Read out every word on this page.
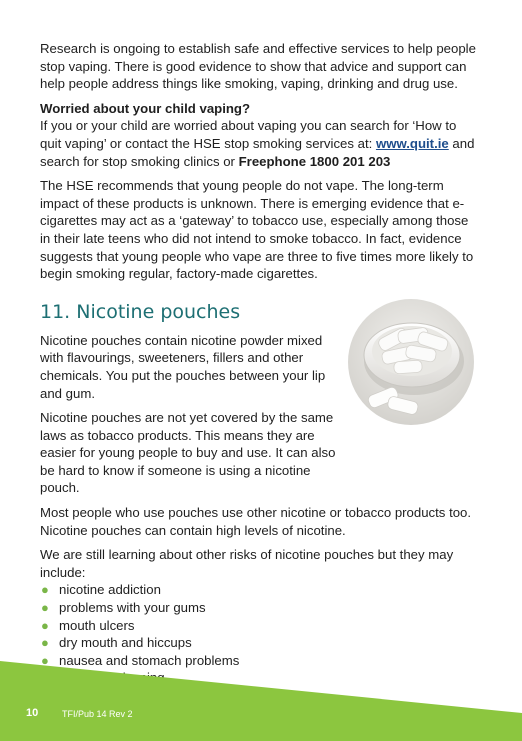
Research is ongoing to establish safe and effective services to help people stop vaping. There is good evidence to show that advice and support can help people address things like smoking, vaping, drinking and drug use.

Worried about your child vaping?

If you or your child are worried about vaping you can search for ‘How to quit vaping’ or contact the HSE stop smoking services at: www.quit.ie and search for stop smoking clinics or Freephone 1800 201 203

The HSE recommends that young people do not vape. The long-term impact of these products is unknown. There is emerging evidence that e-cigarettes may act as a ‘gateway’ to tobacco use, especially among those in their late teens who did not intend to smoke tobacco. In fact, evidence suggests that young people who vape are three to five times more likely to begin smoking regular, factory-made cigarettes.

11. Nicotine pouches

Nicotine pouches contain nicotine powder mixed with flavourings, sweeteners, fillers and other chemicals. You put the pouches between your lip and gum.

Nicotine pouches are not yet covered by the same laws as tobacco products. This means they are easier for young people to buy and use. It can also be hard to know if someone is using a nicotine pouch.

Most people who use pouches use other nicotine or tobacco products too. Nicotine pouches can contain high levels of nicotine.

We are still learning about other risks of nicotine pouches but they may include:

● nicotine addiction
● problems with your gums
● mouth ulcers
● dry mouth and hiccups
● nausea and stomach problems

10	TFI/Pub 14 Rev 2
